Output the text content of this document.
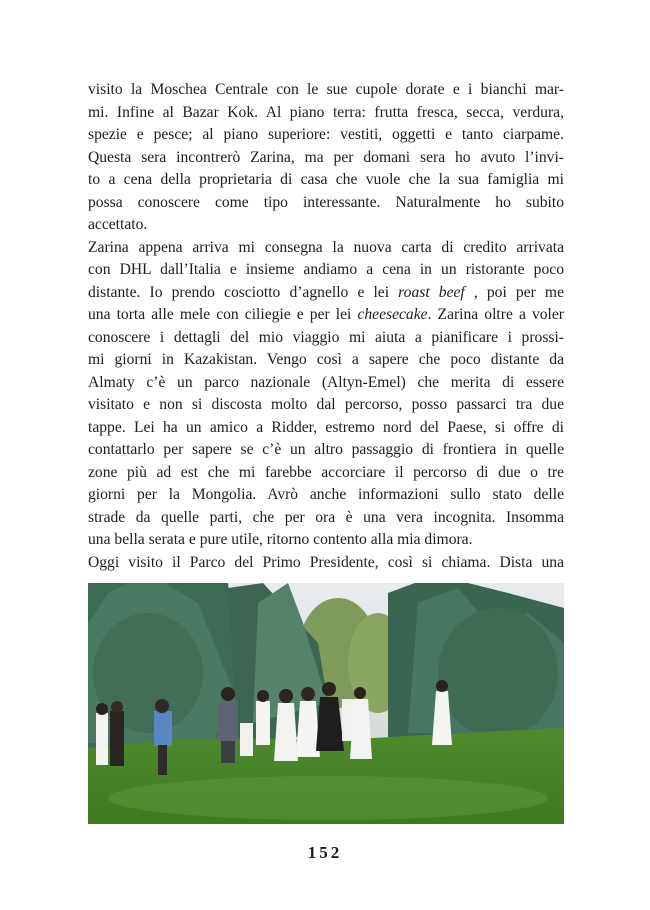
visito la Moschea Centrale con le sue cupole dorate e i bianchi mar-
mi. Infine al Bazar Kok. Al piano terra: frutta fresca, secca, verdura,
spezie e pesce; al piano superiore: vestiti, oggetti e tanto ciarpame.
Questa sera incontrerò Zarina, ma per domani sera ho avuto l’invi-
to a cena della proprietaria di casa che vuole che la sua famiglia mi
possa conoscere come tipo interessante. Naturalmente ho subito
accettato.
Zarina appena arriva mi consegna la nuova carta di credito arrivata
con DHL dall’Italia e insieme andiamo a cena in un ristorante poco
distante. Io prendo cosciotto d’agnello e lei roast beef , poi per me
una torta alle mele con ciliegie e per lei cheesecake. Zarina oltre a voler
conoscere i dettagli del mio viaggio mi aiuta a pianificare i prossi-
mi giorni in Kazakistan. Vengo così a sapere che poco distante da
Almaty c’è un parco nazionale (Altyn-Emel) che merita di essere
visitato e non si discosta molto dal percorso, posso passarci tra due
tappe. Lei ha un amico a Ridder, estremo nord del Paese, si offre di
contattarlo per sapere se c’è un altro passaggio di frontiera in quelle
zone più ad est che mi farebbe accorciare il percorso di due o tre
giorni per la Mongolia. Avrò anche informazioni sullo stato delle
strade da quelle parti, che per ora è una vera incognita. Insomma
una bella serata e pure utile, ritorno contento alla mia dimora.
Oggi visito il Parco del Primo Presidente, così si chiama. Dista una
152
